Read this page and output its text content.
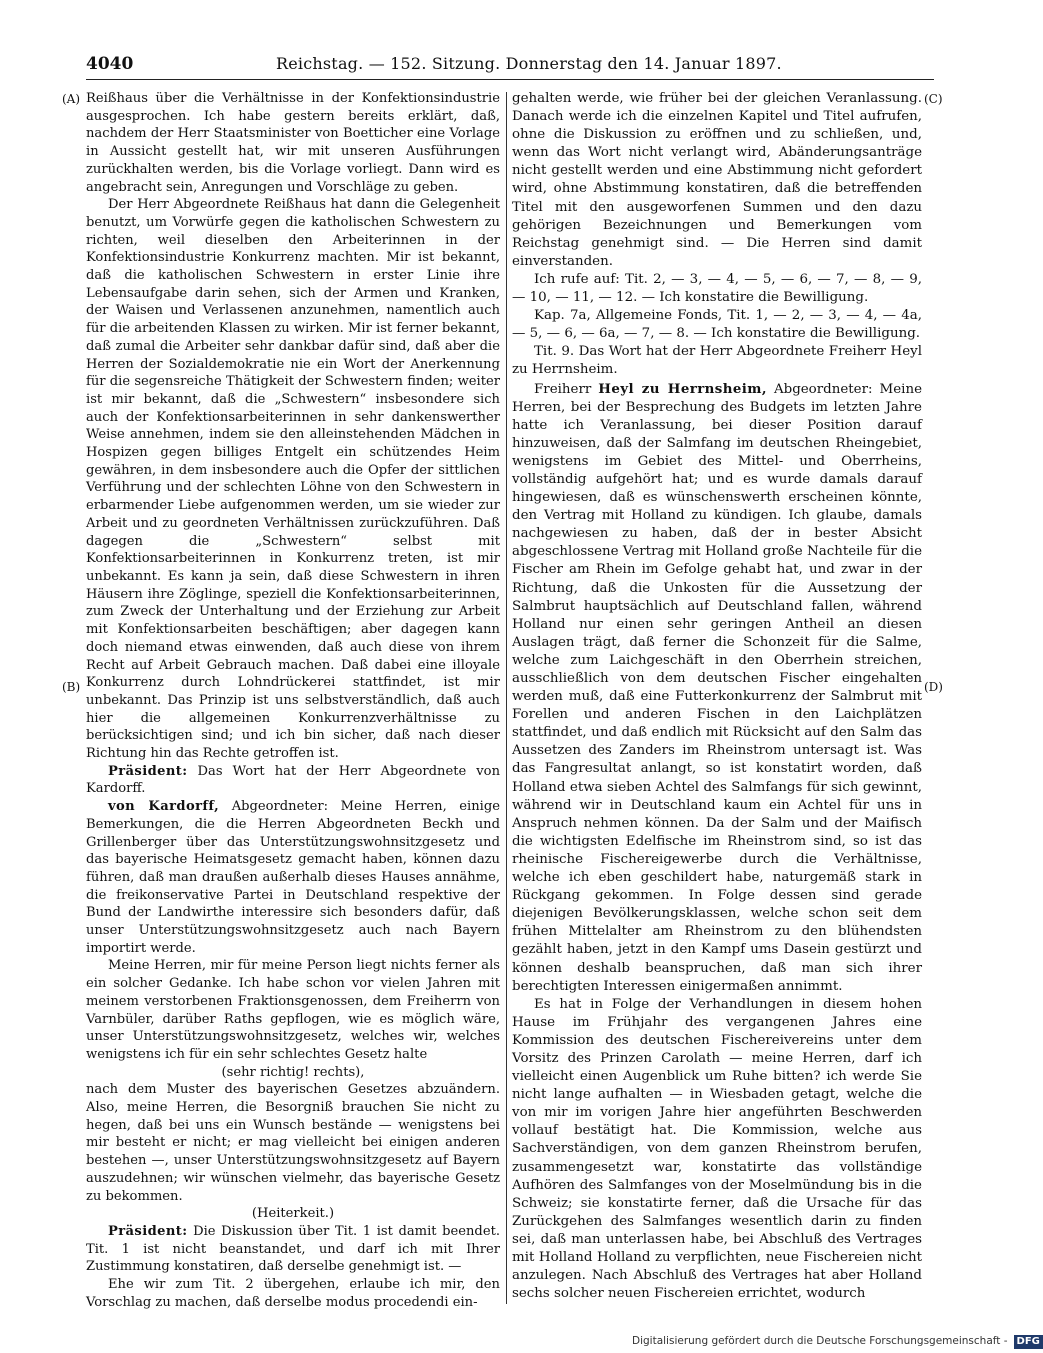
4040	Reichstag. — 152. Sitzung. Donnerstag den 14. Januar 1897.
(A)
(B)
(C)
(D)

Reißhaus über die Verhältnisse in der Konfektionsindustrie ausgesprochen. Ich habe gestern bereits erklärt, daß, nachdem der Herr Staatsminister von Boetticher eine Vorlage in Aussicht gestellt hat, wir mit unseren Ausführungen zurückhalten werden, bis die Vorlage vorliegt. Dann wird es angebracht sein, Anregungen und Vorschläge zu geben.

Der Herr Abgeordnete Reißhaus hat dann die Gelegenheit benutzt, um Vorwürfe gegen die katholischen Schwestern zu richten, weil dieselben den Arbeiterinnen in der Konfektionsindustrie Konkurrenz machten. Mir ist bekannt, daß die katholischen Schwestern in erster Linie ihre Lebensaufgabe darin sehen, sich der Armen und Kranken, der Waisen und Verlassenen anzunehmen, namentlich auch für die arbeitenden Klassen zu wirken. Mir ist ferner bekannt, daß zumal die Arbeiter sehr dankbar dafür sind, daß aber die Herren der Sozialdemokratie nie ein Wort der Anerkennung für die segensreiche Thätigkeit der Schwestern finden; weiter ist mir bekannt, daß die „Schwestern“ insbesondere sich auch der Konfektionsarbeiterinnen in sehr dankenswerther Weise annehmen, indem sie den alleinstehenden Mädchen in Hospizen gegen billiges Entgelt ein schützendes Heim gewähren, in dem insbesondere auch die Opfer der sittlichen Verführung und der schlechten Löhne von den Schwestern in erbarmender Liebe aufgenommen werden, um sie wieder zur Arbeit und zu geordneten Verhältnissen zurückzuführen. Daß dagegen die „Schwestern“ selbst mit Konfektionsarbeiterinnen in Konkurrenz treten, ist mir unbekannt. Es kann ja sein, daß diese Schwestern in ihren Häusern ihre Zöglinge, speziell die Konfektionsarbeiterinnen, zum Zweck der Unterhaltung und der Erziehung zur Arbeit mit Konfektionsarbeiten beschäftigen; aber dagegen kann doch niemand etwas einwenden, daß auch diese von ihrem Recht auf Arbeit Gebrauch machen. Daß dabei eine illoyale Konkurrenz durch Lohndrückerei stattfindet, ist mir unbekannt. Das Prinzip ist uns selbstverständlich, daß auch hier die allgemeinen Konkurrenzverhältnisse zu berücksichtigen sind; und ich bin sicher, daß nach dieser Richtung hin das Rechte getroffen ist.

Präsident: Das Wort hat der Herr Abgeordnete von Kardorff.

von Kardorff, Abgeordneter: Meine Herren, einige Bemerkungen, die die Herren Abgeordneten Beckh und Grillenberger über das Unterstützungswohnsitzgesetz und das bayerische Heimatsgesetz gemacht haben, können dazu führen, daß man draußen außerhalb dieses Hauses annähme, die freikonservative Partei in Deutschland respektive der Bund der Landwirthe interessire sich besonders dafür, daß unser Unterstützungswohnsitzgesetz auch nach Bayern importirt werde.

Meine Herren, mir für meine Person liegt nichts ferner als ein solcher Gedanke. Ich habe schon vor vielen Jahren mit meinem verstorbenen Fraktionsgenossen, dem Freiherrn von Varnbüler, darüber Raths gepflogen, wie es möglich wäre, unser Unterstützungswohnsitzgesetz, welches wir, welches wenigstens ich für ein sehr schlechtes Gesetz halte

(sehr richtig! rechts),

nach dem Muster des bayerischen Gesetzes abzuändern. Also, meine Herren, die Besorgniß brauchen Sie nicht zu hegen, daß bei uns ein Wunsch bestände — wenigstens bei mir besteht er nicht; er mag vielleicht bei einigen anderen bestehen —, unser Unterstützungswohnsitzgesetz auf Bayern auszudehnen; wir wünschen vielmehr, das bayerische Gesetz zu bekommen.

(Heiterkeit.)

Präsident: Die Diskussion über Tit. 1 ist damit beendet. Tit. 1 ist nicht beanstandet, und darf ich mit Ihrer Zustimmung konstatiren, daß derselbe genehmigt ist. —

Ehe wir zum Tit. 2 übergehen, erlaube ich mir, den Vorschlag zu machen, daß derselbe modus procedendi ein-

gehalten werde, wie früher bei der gleichen Veranlassung. Danach werde ich die einzelnen Kapitel und Titel aufrufen, ohne die Diskussion zu eröffnen und zu schließen, und, wenn das Wort nicht verlangt wird, Abänderungsanträge nicht gestellt werden und eine Abstimmung nicht gefordert wird, ohne Abstimmung konstatiren, daß die betreffenden Titel mit den ausgeworfenen Summen und den dazu gehörigen Bezeichnungen und Bemerkungen vom Reichstag genehmigt sind. — Die Herren sind damit einverstanden.

Ich rufe auf: Tit. 2, — 3, — 4, — 5, — 6, — 7, — 8, — 9, — 10, — 11, — 12. — Ich konstatire die Bewilligung.

Kap. 7a, Allgemeine Fonds, Tit. 1, — 2, — 3, — 4, — 4a, — 5, — 6, — 6a, — 7, — 8. — Ich konstatire die Bewilligung.

Tit. 9. Das Wort hat der Herr Abgeordnete Freiherr Heyl zu Herrnsheim.

Freiherr Heyl zu Herrnsheim, Abgeordneter: Meine Herren, bei der Besprechung des Budgets im letzten Jahre hatte ich Veranlassung, bei dieser Position darauf hinzuweisen, daß der Salmfang im deutschen Rheingebiet, wenigstens im Gebiet des Mittel- und Oberrheins, vollständig aufgehört hat; und es wurde damals darauf hingewiesen, daß es wünschenswerth erscheinen könnte, den Vertrag mit Holland zu kündigen. Ich glaube, damals nachgewiesen zu haben, daß der in bester Absicht abgeschlossene Vertrag mit Holland große Nachteile für die Fischer am Rhein im Gefolge gehabt hat, und zwar in der Richtung, daß die Unkosten für die Aussetzung der Salmbrut hauptsächlich auf Deutschland fallen, während Holland nur einen sehr geringen Antheil an diesen Auslagen trägt, daß ferner die Schonzeit für die Salme, welche zum Laichgeschäft in den Oberrhein streichen, ausschließlich von dem deutschen Fischer eingehalten werden muß, daß eine Futterkonkurrenz der Salmbrut mit Forellen und anderen Fischen in den Laichplätzen stattfindet, und daß endlich mit Rücksicht auf den Salm das Aussetzen des Zanders im Rheinstrom untersagt ist. Was das Fangresultat anlangt, so ist konstatirt worden, daß Holland etwa sieben Achtel des Salmfangs für sich gewinnt, während wir in Deutschland kaum ein Achtel für uns in Anspruch nehmen können. Da der Salm und der Maifisch die wichtigsten Edelfische im Rheinstrom sind, so ist das rheinische Fischereigewerbe durch die Verhältnisse, welche ich eben geschildert habe, naturgemäß stark in Rückgang gekommen. In Folge dessen sind gerade diejenigen Bevölkerungsklassen, welche schon seit dem frühen Mittelalter am Rheinstrom zu den blühendsten gezählt haben, jetzt in den Kampf ums Dasein gestürzt und können deshalb beanspruchen, daß man sich ihrer berechtigten Interessen einigermaßen annimmt.

Es hat in Folge der Verhandlungen in diesem hohen Hause im Frühjahr des vergangenen Jahres eine Kommission des deutschen Fischereivereins unter dem Vorsitz des Prinzen Carolath — meine Herren, darf ich vielleicht einen Augenblick um Ruhe bitten? ich werde Sie nicht lange aufhalten — in Wiesbaden getagt, welche die von mir im vorigen Jahre hier angeführten Beschwerden vollauf bestätigt hat. Die Kommission, welche aus Sachverständigen, von dem ganzen Rheinstrom berufen, zusammengesetzt war, konstatirte das vollständige Aufhören des Salmfanges von der Moselmündung bis in die Schweiz; sie konstatirte ferner, daß die Ursache für das Zurückgehen des Salmfanges wesentlich darin zu finden sei, daß man unterlassen habe, bei Abschluß des Vertrages mit Holland Holland zu verpflichten, neue Fischereien nicht anzulegen. Nach Abschluß des Vertrages hat aber Holland sechs solcher neuen Fischereien errichtet, wodurch

Digitalisierung gefördert durch die Deutsche Forschungsgemeinschaft - DFG
